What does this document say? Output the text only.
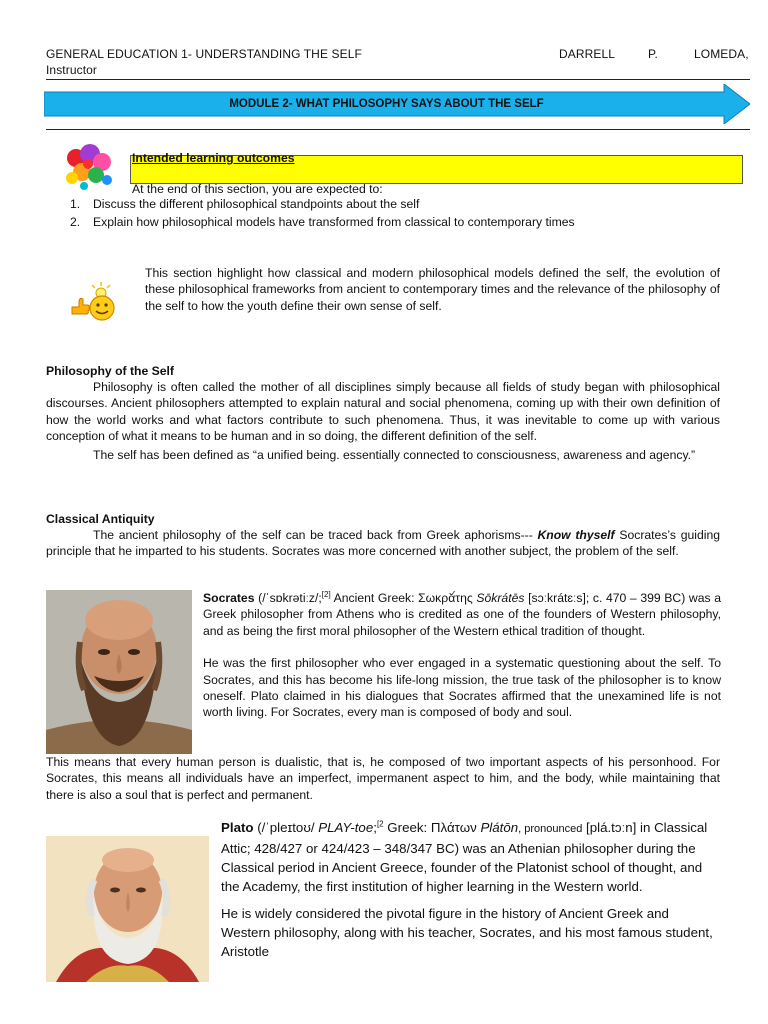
GENERAL EDUCATION 1- UNDERSTANDING THE SELF	DARRELL	P.	LOMEDA,
Instructor
MODULE 2- WHAT PHILOSOPHY SAYS ABOUT THE SELF
Intended learning outcomes
At the end of this section, you are expected to:
1.	Discuss the different philosophical standpoints about the self
2.	Explain how philosophical models have transformed from classical to contemporary times
This section highlight how classical and modern philosophical models defined the self, the evolution of these philosophical frameworks from ancient to contemporary times and the relevance of the philosophy of the self to how the youth define their own sense of self.
Philosophy of the Self

Philosophy is often called the mother of all disciplines simply because all fields of study began with philosophical discourses. Ancient philosophers attempted to explain natural and social phenomena, coming up with their own definition of how the world works and what factors contribute to such phenomena. Thus, it was inevitable to come up with various conception of what it means to be human and in so doing, the different definition of the self.

The self has been defined as “a unified being. essentially connected to consciousness, awareness and agency.”

Classical Antiquity

The ancient philosophy of the self can be traced back from Greek aphorisms--- Know thyself Socrates’s guiding principle that he imparted to his students. Socrates was more concerned with another subject, the problem of the self.

Socrates (/ˈsɒkrətiːz/;[2] Ancient Greek: Σωκρᾰ́της Sōkrátēs [sɔːkrátɛːs]; c. 470 – 399 BC) was a Greek philosopher from Athens who is credited as one of the founders of Western philosophy, and as being the first moral philosopher of the Western ethical tradition of thought.

He was the first philosopher who ever engaged in a systematic questioning about the self. To Socrates, and this has become his life-long mission, the true task of the philosopher is to know oneself. Plato claimed in his dialogues that Socrates affirmed that the unexamined life is not worth living. For Socrates, every man is composed of body and soul.

This means that every human person is dualistic, that is, he composed of two important aspects of his personhood. For Socrates, this means all individuals have an imperfect, impermanent aspect to him, and the body, while maintaining that there is also a soul that is perfect and permanent.

Plato (/ˈpleɪtoʊ/ PLAY-toe;$^{[2}$ Greek: Πλάτων Plátōn, pronounced [plá.tɔːn] in Classical Attic; 428/427 or 424/423 – 348/347 BC) was an Athenian philosopher during the Classical period in Ancient Greece, founder of the Platonist school of thought, and the Academy, the first institution of higher learning in the Western world.

He is widely considered the pivotal figure in the history of Ancient Greek and Western philosophy, along with his teacher, Socrates, and his most famous student, Aristotle
